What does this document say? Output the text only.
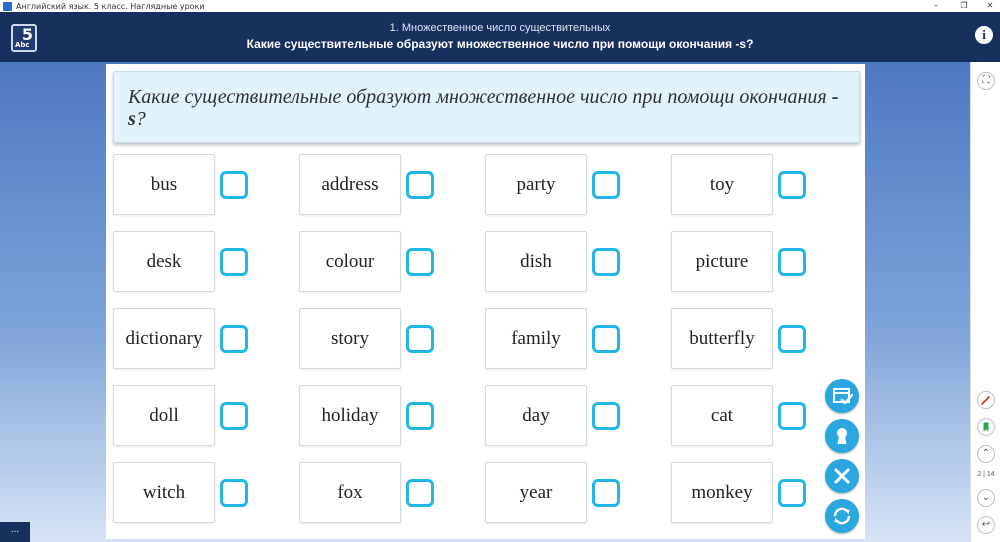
Английский язык. 5 класс. Наглядные уроки	–	❐	✕
5
Abc
1. Множественное число существительных
Какие существительные образуют множественное число при помощи окончания -s?
i
⛶
⌃
2 | 14
⌄
↩
...
Какие существительные образуют множественное число при помощи окончания -s?
bus	address	party	toy
desk	colour	dish	picture
dictionary	story	family	butterfly
doll	holiday	day	cat
witch	fox	year	monkey
